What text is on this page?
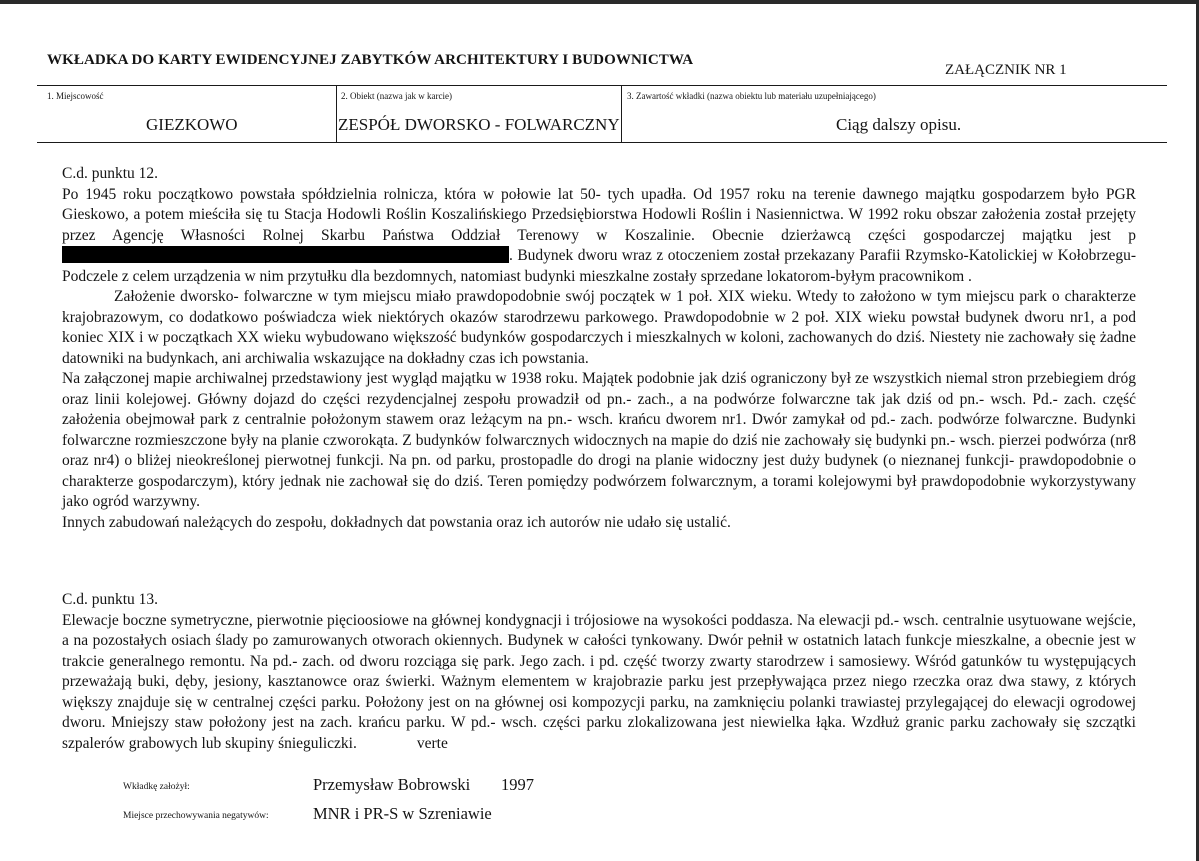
WKŁADKA DO KARTY EWIDENCYJNEJ ZABYTKÓW ARCHITEKTURY I BUDOWNICTWA
ZAŁĄCZNIK NR 1
1. Miejscowość
GIEZKOWO
2. Obiekt (nazwa jak w karcie)
ZESPÓŁ DWORSKO - FOLWARCZNY
3. Zawartość wkładki (nazwa obiektu lub materiału uzupełniającego)
Ciąg dalszy opisu.

C.d. punktu 12.

Po 1945 roku początkowo powstała spółdzielnia rolnicza, która w połowie lat 50- tych upadła. Od 1957 roku na terenie dawnego majątku gospodarzem było PGR Gieskowo, a potem mieściła się tu Stacja Hodowli Roślin Koszalińskiego Przedsiębiorstwa Hodowli Roślin i Nasiennictwa. W 1992 roku obszar założenia został przejęty przez Agencję Własności Rolnej Skarbu Państwa Oddział Terenowy w Koszalinie. Obecnie dzierżawcą części gospodarczej majątku jest p. Budynek dworu wraz z otoczeniem został przekazany Parafii Rzymsko-Katolickiej w Kołobrzegu- Podczele z celem urządzenia w nim przytułku dla bezdomnych, natomiast budynki mieszkalne zostały sprzedane lokatorom-byłym pracownikom .

Założenie dworsko- folwarczne w tym miejscu miało prawdopodobnie swój początek w 1 poł. XIX wieku. Wtedy to założono w tym miejscu park o charakterze krajobrazowym, co dodatkowo poświadcza wiek niektórych okazów starodrzewu parkowego. Prawdopodobnie w 2 poł. XIX wieku powstał budynek dworu nr1, a pod koniec XIX i w początkach XX wieku wybudowano większość budynków gospodarczych i mieszkalnych w koloni, zachowanych do dziś. Niestety nie zachowały się żadne datowniki na budynkach, ani archiwalia wskazujące na dokładny czas ich powstania.

Na załączonej mapie archiwalnej przedstawiony jest wygląd majątku w 1938 roku. Majątek podobnie jak dziś ograniczony był ze wszystkich niemal stron przebiegiem dróg oraz linii kolejowej. Główny dojazd do części rezydencjalnej zespołu prowadził od pn.- zach., a na podwórze folwarczne tak jak dziś od pn.- wsch. Pd.- zach. część założenia obejmował park z centralnie położonym stawem oraz leżącym na pn.- wsch. krańcu dworem nr1. Dwór zamykał od pd.- zach. podwórze folwarczne. Budynki folwarczne rozmieszczone były na planie czworokąta. Z budynków folwarcznych widocznych na mapie do dziś nie zachowały się budynki pn.- wsch. pierzei podwórza (nr8 oraz nr4) o bliżej nieokreślonej pierwotnej funkcji. Na pn. od parku, prostopadle do drogi na planie widoczny jest duży budynek (o nieznanej funkcji- prawdopodobnie o charakterze gospodarczym), który jednak nie zachował się do dziś. Teren pomiędzy podwórzem folwarcznym, a torami kolejowymi był prawdopodobnie wykorzystywany jako ogród warzywny.

Innych zabudowań należących do zespołu, dokładnych dat powstania oraz ich autorów nie udało się ustalić.

C.d. punktu 13.

Elewacje boczne symetryczne, pierwotnie pięcioosiowe na głównej kondygnacji i trójosiowe na wysokości poddasza. Na elewacji pd.- wsch. centralnie usytuowane wejście, a na pozostałych osiach ślady po zamurowanych otworach okiennych. Budynek w całości tynkowany. Dwór pełnił w ostatnich latach funkcje mieszkalne, a obecnie jest w trakcie generalnego remontu. Na pd.- zach. od dworu rozciąga się park. Jego zach. i pd. część tworzy zwarty starodrzew i samosiewy. Wśród gatunków tu występujących przeważają buki, dęby, jesiony, kasztanowce oraz świerki. Ważnym elementem w krajobrazie parku jest przepływająca przez niego rzeczka oraz dwa stawy, z których większy znajduje się w centralnej części parku. Położony jest on na głównej osi kompozycji parku, na zamknięciu polanki trawiastej przylegającej do elewacji ogrodowej dworu. Mniejszy staw położony jest na zach. krańcu parku. W pd.- wsch. części parku zlokalizowana jest niewielka łąka. Wzdłuż granic parku zachowały się szczątki szpalerów grabowych lub skupiny śnieguliczki.	verte

Wkładkę założył:	Przemysław Bobrowski 1997
Miejsce przechowywania negatywów:	MNR i PR-S w Szreniawie
